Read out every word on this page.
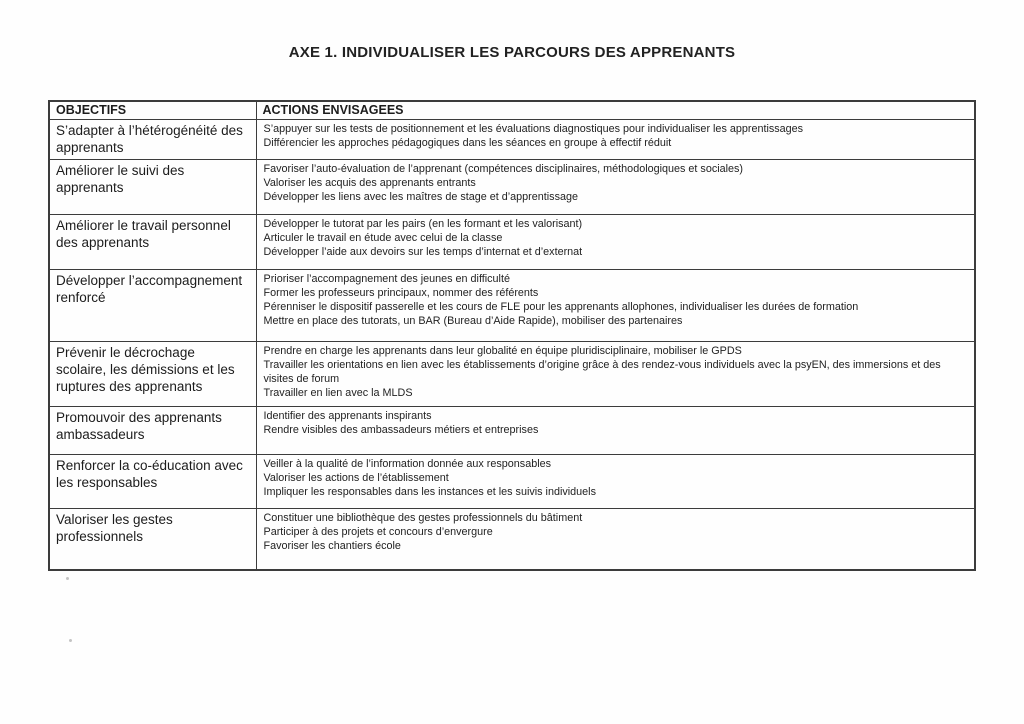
AXE 1. INDIVIDUALISER LES PARCOURS DES APPRENANTS
OBJECTIFS	ACTIONS ENVISAGEES
S’adapter à l’hétérogénéité des apprenants	S’appuyer sur les tests de positionnement et les évaluations diagnostiques pour individualiser les apprentissages
Différencier les approches pédagogiques dans les séances en groupe à effectif réduit

Améliorer le suivi des apprenants	Favoriser l’auto-évaluation de l’apprenant (compétences disciplinaires, méthodologiques et sociales)
Valoriser les acquis des apprenants entrants
Développer les liens avec les maîtres de stage et d’apprentissage

Améliorer le travail personnel des apprenants	Développer le tutorat par les pairs (en les formant et les valorisant)
Articuler le travail en étude avec celui de la classe
Développer l’aide aux devoirs sur les temps d’internat et d’externat

Développer l’accompagnement renforcé	Prioriser l’accompagnement des jeunes en difficulté
Former les professeurs principaux, nommer des référents
Pérenniser le dispositif passerelle et les cours de FLE pour les apprenants allophones, individualiser les durées de formation
Mettre en place des tutorats, un BAR (Bureau d’Aide Rapide), mobiliser des partenaires

Prévenir le décrochage scolaire, les démissions et les ruptures des apprenants	Prendre en charge les apprenants dans leur globalité en équipe pluridisciplinaire, mobiliser le GPDS
Travailler les orientations en lien avec les établissements d’origine grâce à des rendez-vous individuels avec la psyEN, des immersions et des visites de forum
Travailler en lien avec la MLDS

Promouvoir des apprenants ambassadeurs	Identifier des apprenants inspirants
Rendre visibles des ambassadeurs métiers et entreprises

Renforcer la co-éducation avec les responsables	Veiller à la qualité de l’information donnée aux responsables
Valoriser les actions de l’établissement
Impliquer les responsables dans les instances et les suivis individuels

Valoriser les gestes professionnels	Constituer une bibliothèque des gestes professionnels du bâtiment
Participer à des projets et concours d’envergure
Favoriser les chantiers école
